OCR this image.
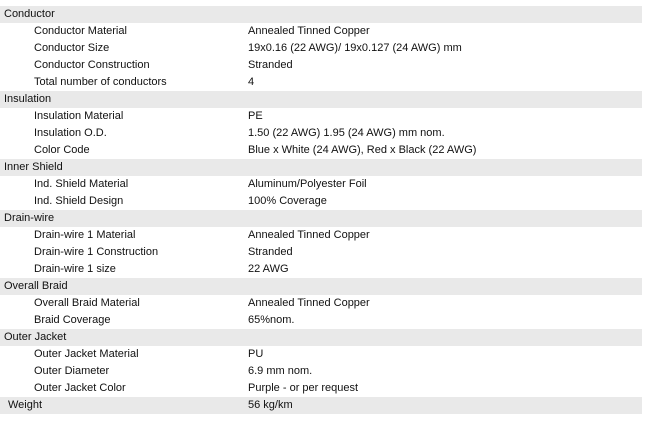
Conductor
Conductor Material	Annealed Tinned Copper
Conductor Size	19x0.16 (22 AWG)/ 19x0.127 (24 AWG) mm
Conductor Construction	Stranded
Total number of conductors	4
Insulation
Insulation Material	PE
Insulation O.D.	1.50 (22 AWG) 1.95 (24 AWG) mm nom.
Color Code	Blue x White (24 AWG), Red x Black (22 AWG)
Inner Shield
Ind. Shield Material	Aluminum/Polyester Foil
Ind. Shield Design	100% Coverage
Drain-wire
Drain-wire 1 Material	Annealed Tinned Copper
Drain-wire 1 Construction	Stranded
Drain-wire 1 size	22 AWG
Overall Braid
Overall Braid Material	Annealed Tinned Copper
Braid Coverage	65%nom.
Outer Jacket
Outer Jacket Material	PU
Outer Diameter	6.9 mm nom.
Outer Jacket Color	Purple - or per request
Weight	56 kg/km
